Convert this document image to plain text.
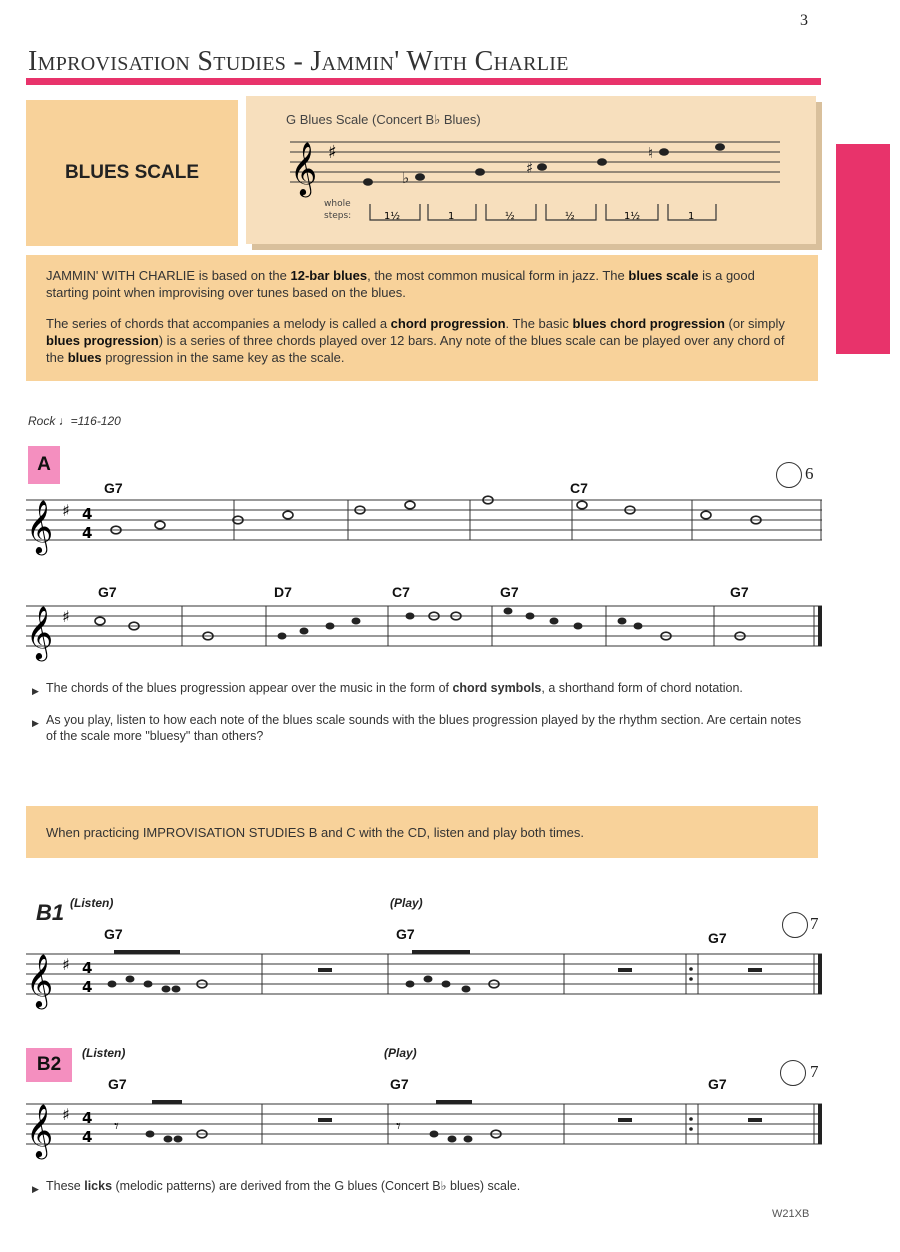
3
Improvisation Studies - Jammin' With Charlie
BLUES SCALE
G Blues Scale (Concert B♭ Blues)
𝄞 ♯
♭
♯
♮
whole
steps:	1½	1	½	½	1½	1

JAMMIN' WITH CHARLIE is based on the 12-bar blues, the most common musical form in jazz. The blues scale is a good starting point when improvising over tunes based on the blues.

The series of chords that accompanies a melody is called a chord progression. The basic blues chord progression (or simply blues progression) is a series of three chords played over 12 bars. Any note of the blues scale can be played over any chord of the blues progression in the same key as the scale.

Rock ♩=116-120
A	6
G7	C7
𝄞 ♯ 4
4
G7	D7	C7	G7	G7
𝄞 ♯
▶ The chords of the blues progression appear over the music in the form of chord symbols, a shorthand form of chord notation.
▶ As you play, listen to how each note of the blues scale sounds with the blues progression played by the rhythm section. Are certain notes of the scale more "bluesy" than others?
When practicing IMPROVISATION STUDIES B and C with the CD, listen and play both times.
B1 (Listen)	(Play)
7
G7	G7	G7
𝄞 ♯ 4
4
B2
(Listen)	(Play)
7
G7	G7	G7
𝄞 ♯ 4
4 𝄾	𝄾
▶ These licks (melodic patterns) are derived from the G blues (Concert B♭ blues) scale.
W21XB
